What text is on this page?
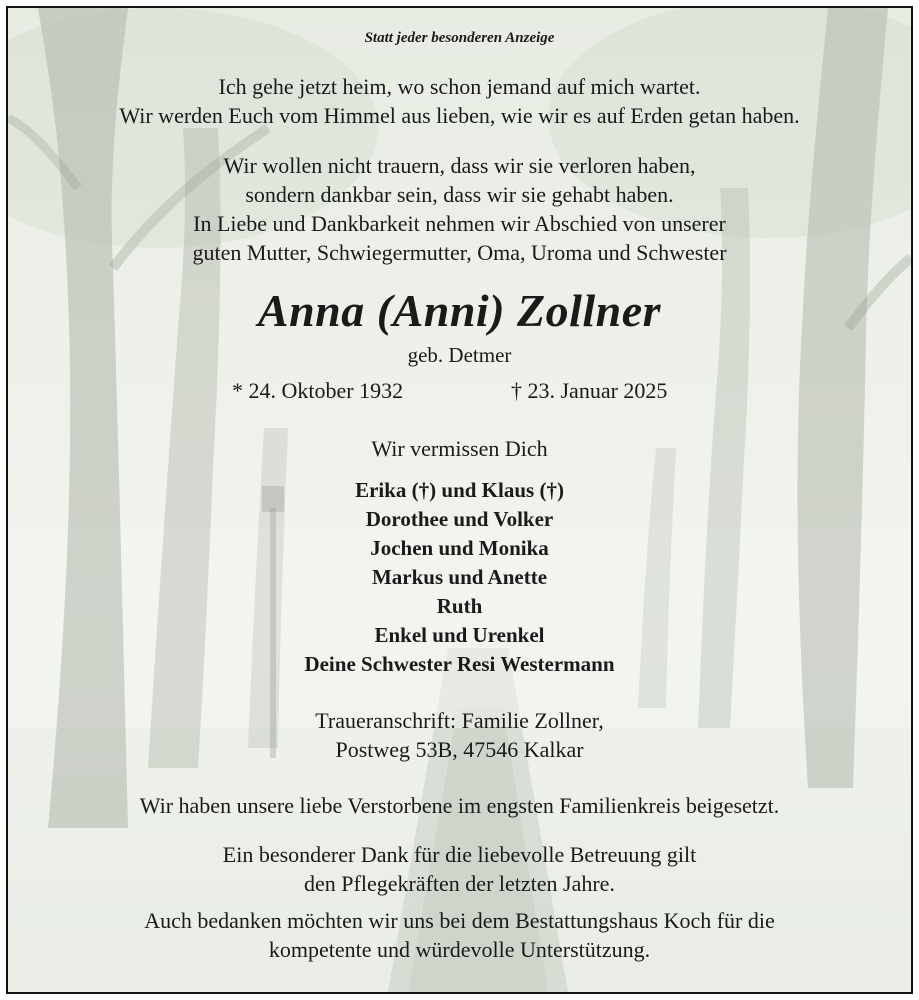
Statt jeder besonderen Anzeige
Ich gehe jetzt heim, wo schon jemand auf mich wartet.
Wir werden Euch vom Himmel aus lieben, wie wir es auf Erden getan haben.
Wir wollen nicht trauern, dass wir sie verloren haben,
sondern dankbar sein, dass wir sie gehabt haben.
In Liebe und Dankbarkeit nehmen wir Abschied von unserer
guten Mutter, Schwiegermutter, Oma, Uroma und Schwester
Anna (Anni) Zollner
geb. Detmer
* 24. Oktober 1932	† 23. Januar 2025
Wir vermissen Dich
Erika (†) und Klaus (†)
Dorothee und Volker
Jochen und Monika
Markus und Anette
Ruth
Enkel und Urenkel
Deine Schwester Resi Westermann
Traueranschrift: Familie Zollner,
Postweg 53B, 47546 Kalkar
Wir haben unsere liebe Verstorbene im engsten Familienkreis beigesetzt.
Ein besonderer Dank für die liebevolle Betreuung gilt
den Pflegekräften der letzten Jahre.
Auch bedanken möchten wir uns bei dem Bestattungshaus Koch für die
kompetente und würdevolle Unterstützung.
